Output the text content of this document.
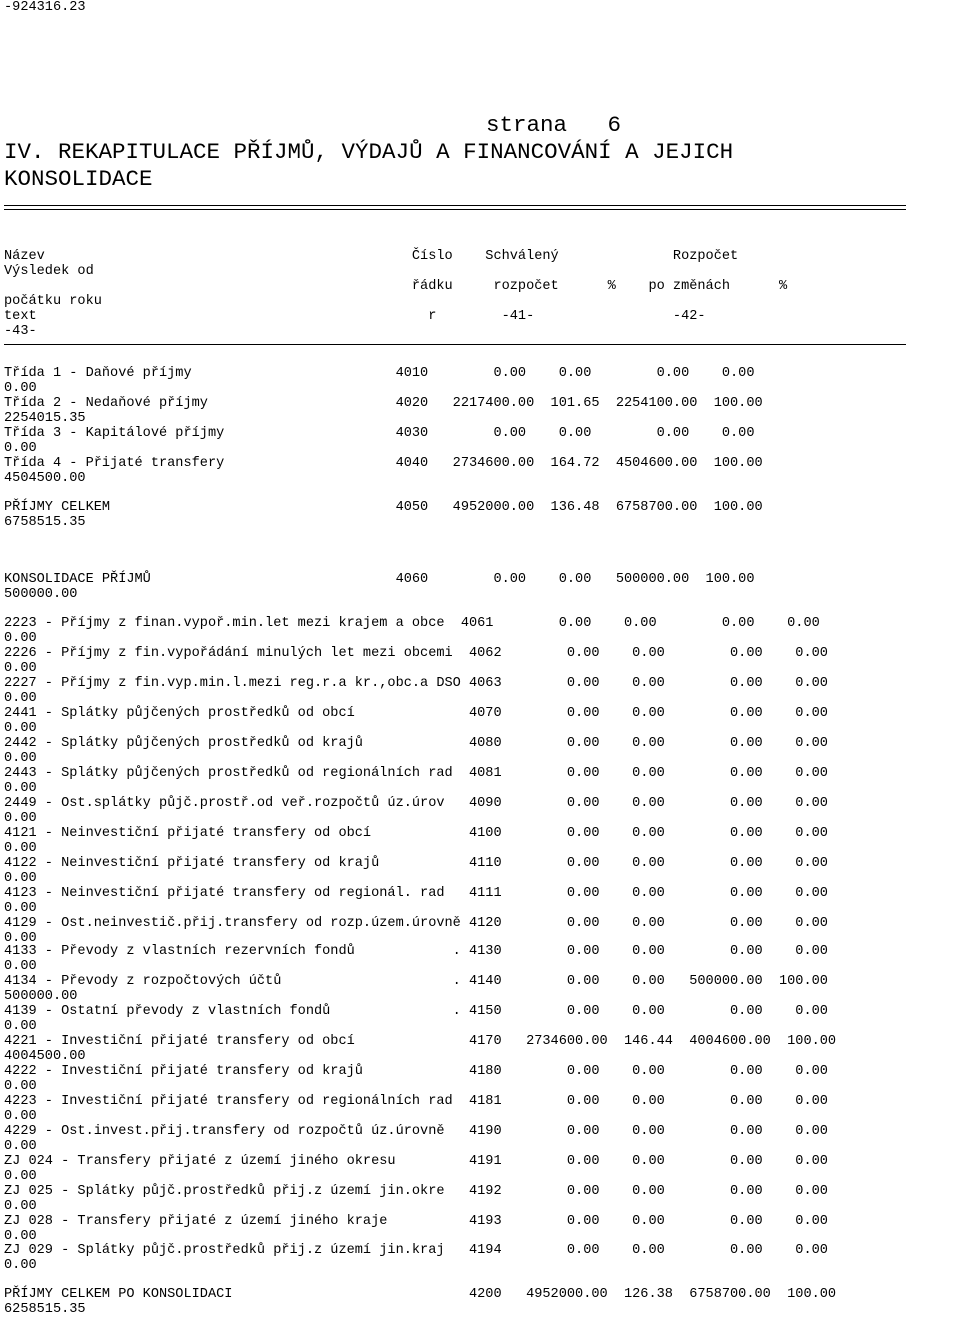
-924316.23
strana   6
IV. REKAPITULACE PŘÍJMŮ, VÝDAJŮ A FINANCOVÁNÍ A JEJICH
KONSOLIDACE
Název                                             Číslo    Schválený              Rozpočet
Výsledek od
řádku     rozpočet      %    po změnách      %
počátku roku
text                                                r        -41-                 -42-
-43-
Třída 1 - Daňové příjmy                         4010        0.00    0.00        0.00    0.00
0.00
Třída 2 - Nedaňové příjmy                       4020   2217400.00  101.65  2254100.00  100.00
2254015.35
Třída 3 - Kapitálové příjmy                     4030        0.00    0.00        0.00    0.00
0.00
Třída 4 - Přijaté transfery                     4040   2734600.00  164.72  4504600.00  100.00
4504500.00
PŘÍJMY CELKEM                                   4050   4952000.00  136.48  6758700.00  100.00
6758515.35
KONSOLIDACE PŘÍJMŮ                              4060        0.00    0.00   500000.00  100.00
500000.00
2223 - Příjmy z finan.vypoř.min.let mezi krajem a obce  4061        0.00    0.00        0.00    0.00
0.00
2226 - Příjmy z fin.vypořádání minulých let mezi obcemi  4062        0.00    0.00        0.00    0.00
0.00
2227 - Příjmy z fin.vyp.min.l.mezi reg.r.a kr.,obc.a DSO 4063        0.00    0.00        0.00    0.00
0.00
2441 - Splátky půjčených prostředků od obcí              4070        0.00    0.00        0.00    0.00
0.00
2442 - Splátky půjčených prostředků od krajů             4080        0.00    0.00        0.00    0.00
0.00
2443 - Splátky půjčených prostředků od regionálních rad  4081        0.00    0.00        0.00    0.00
0.00
2449 - Ost.splátky půjč.prostř.od veř.rozpočtů úz.úrov   4090        0.00    0.00        0.00    0.00
0.00
4121 - Neinvestiční přijaté transfery od obcí            4100        0.00    0.00        0.00    0.00
0.00
4122 - Neinvestiční přijaté transfery od krajů           4110        0.00    0.00        0.00    0.00
0.00
4123 - Neinvestiční přijaté transfery od regionál. rad   4111        0.00    0.00        0.00    0.00
0.00
4129 - Ost.neinvestič.přij.transfery od rozp.územ.úrovně 4120        0.00    0.00        0.00    0.00
0.00
4133 - Převody z vlastních rezervních fondů            . 4130        0.00    0.00        0.00    0.00
0.00
4134 - Převody z rozpočtových účtů                     . 4140        0.00    0.00   500000.00  100.00
500000.00
4139 - Ostatní převody z vlastních fondů               . 4150        0.00    0.00        0.00    0.00
0.00
4221 - Investiční přijaté transfery od obcí              4170   2734600.00  146.44  4004600.00  100.00
4004500.00
4222 - Investiční přijaté transfery od krajů             4180        0.00    0.00        0.00    0.00
0.00
4223 - Investiční přijaté transfery od regionálních rad  4181        0.00    0.00        0.00    0.00
0.00
4229 - Ost.invest.přij.transfery od rozpočtů úz.úrovně   4190        0.00    0.00        0.00    0.00
0.00
ZJ 024 - Transfery přijaté z území jiného okresu         4191        0.00    0.00        0.00    0.00
0.00
ZJ 025 - Splátky půjč.prostředků přij.z území jin.okre   4192        0.00    0.00        0.00    0.00
0.00
ZJ 028 - Transfery přijaté z území jiného kraje          4193        0.00    0.00        0.00    0.00
0.00
ZJ 029 - Splátky půjč.prostředků přij.z území jin.kraj   4194        0.00    0.00        0.00    0.00
0.00
PŘÍJMY CELKEM PO KONSOLIDACI                             4200   4952000.00  126.38  6758700.00  100.00
6258515.35
